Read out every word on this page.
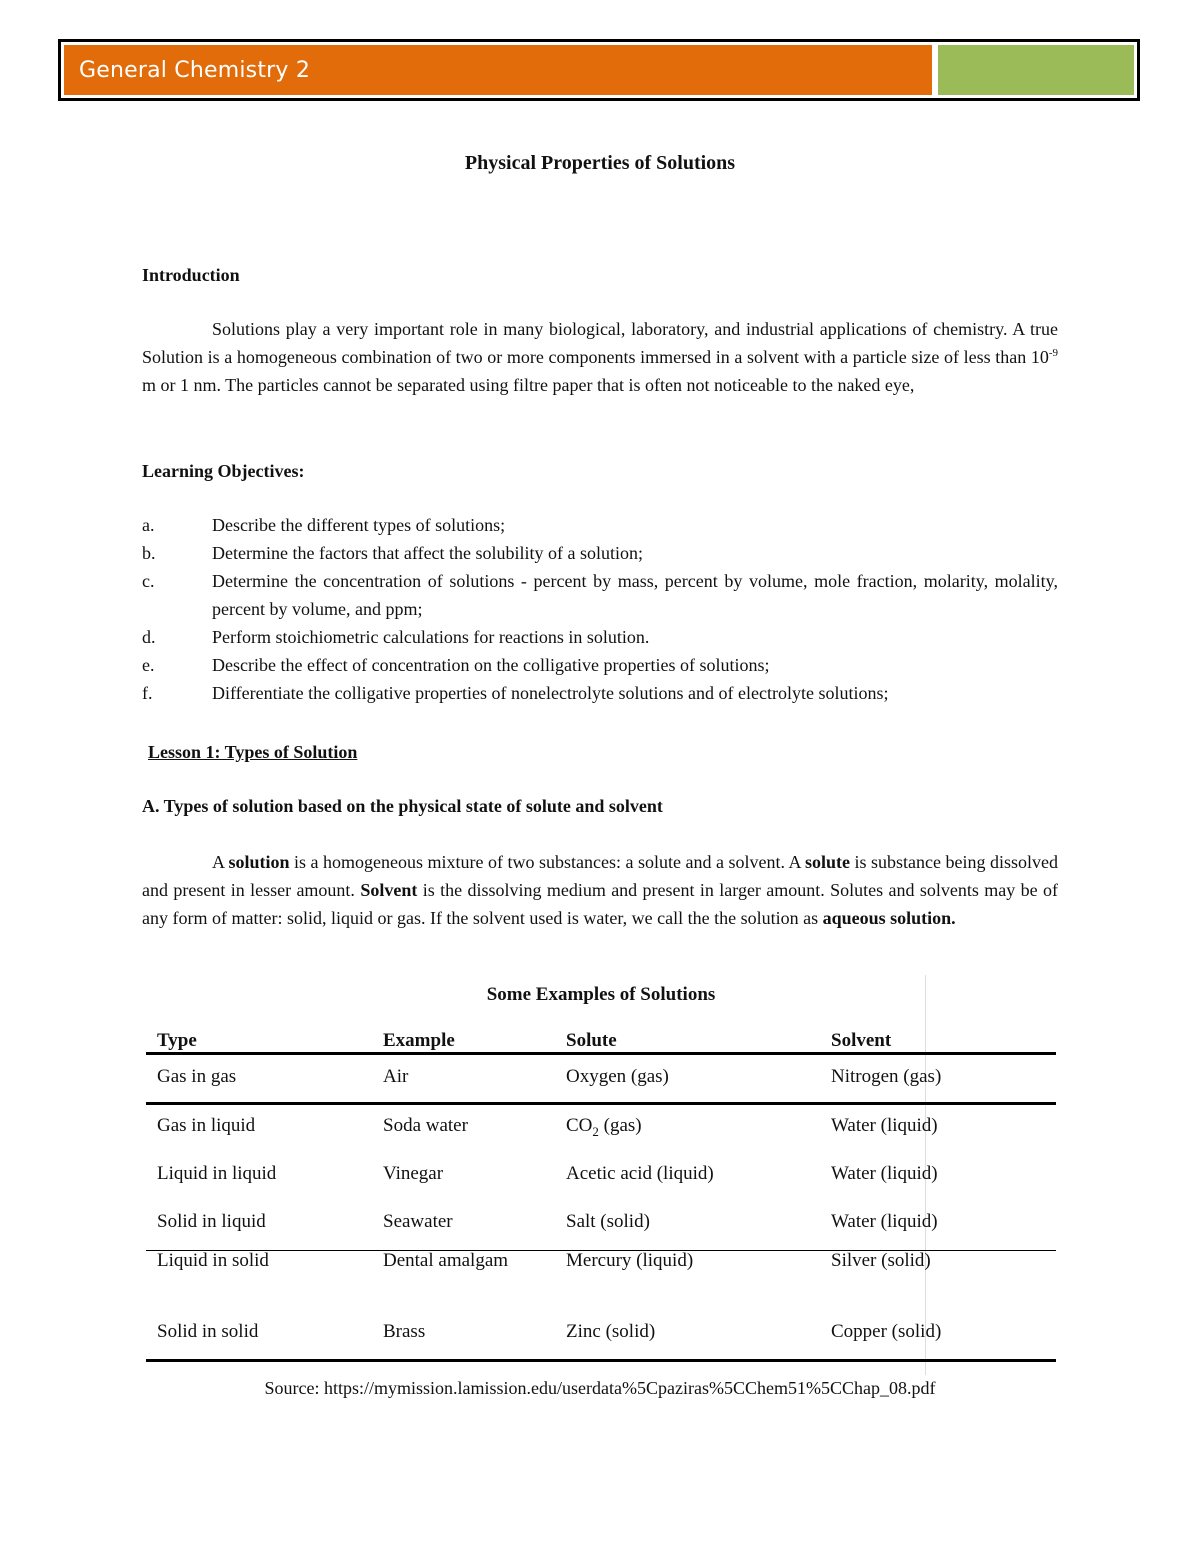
General Chemistry 2
Physical Properties of Solutions
Introduction

Solutions play a very important role in many biological, laboratory, and industrial applications of chemistry. A true Solution is a homogeneous combination of two or more components immersed in a solvent with a particle size of less than $10^{-9}$ m or 1 nm. The particles cannot be separated using filtre paper that is often not noticeable to the naked eye,

Learning Objectives:
a.	Describe the different types of solutions;
b.	Determine the factors that affect the solubility of a solution;
c.	Determine the concentration of solutions - percent by mass, percent by volume, mole fraction, molarity, molality, percent by volume, and ppm;
d.	Perform stoichiometric calculations for reactions in solution.
e.	Describe the effect of concentration on the colligative properties of solutions;
f.	Differentiate the colligative properties of nonelectrolyte solutions and of electrolyte solutions;
Lesson 1: Types of Solution
A. Types of solution based on the physical state of solute and solvent

A solution is a homogeneous mixture of two substances: a solute and a solvent. A solute is substance being dissolved and present in lesser amount. Solvent is the dissolving medium and present in larger amount. Solutes and solvents may be of any form of matter: solid, liquid or gas. If the solvent used is water, we call the the solution as aqueous solution.

Some Examples of Solutions
Type	Example	Solute	Solvent
Gas in gas	Air	Oxygen (gas)	Nitrogen (gas)
Gas in liquid	Soda water	$CO_2$ (gas)	Water (liquid)
Liquid in liquid	Vinegar	Acetic acid (liquid)	Water (liquid)
Solid in liquid	Seawater	Salt (solid)	Water (liquid)
Liquid in solid	Dental amalgam	Mercury (liquid)	Silver (solid)
Solid in solid	Brass	Zinc (solid)	Copper (solid)
Source: https://mymission.lamission.edu/userdata%5Cpaziras%5CChem51%5CChap_08.pdf
